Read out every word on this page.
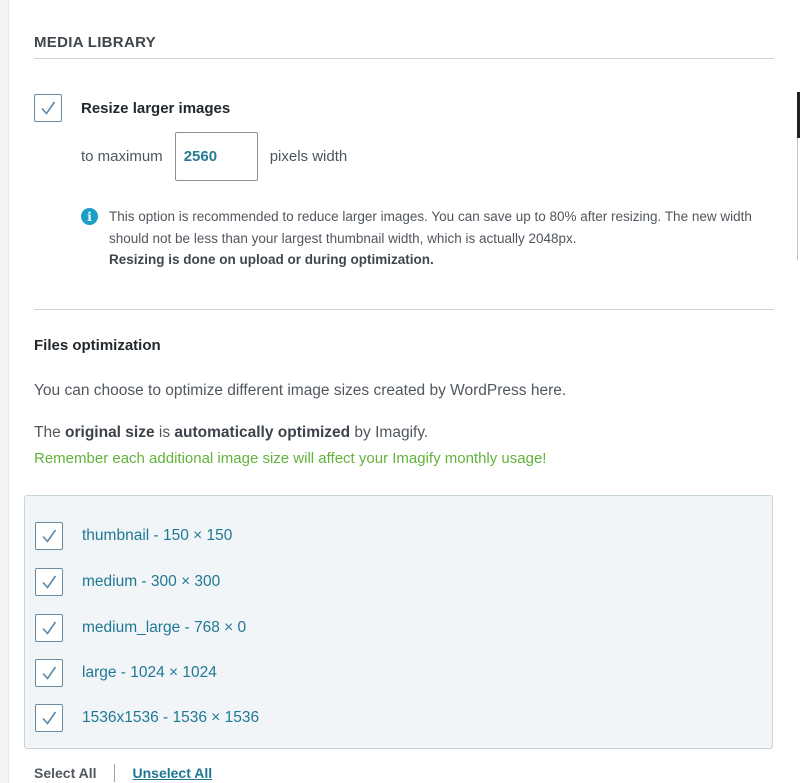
MEDIA LIBRARY
Resize larger images
to maximum
2560	pixels width
i	This option is recommended to reduce larger images. You can save up to 80% after resizing. The new width should not be less than your largest thumbnail width, which is actually 2048px.
Resizing is done on upload or during optimization.
Files optimization
You can choose to optimize different image sizes created by WordPress here.
The original size is automatically optimized by Imagify.
Remember each additional image size will affect your Imagify monthly usage!
thumbnail - 150 × 150
medium - 300 × 300
medium_large - 768 × 0
large - 1024 × 1024
1536x1536 - 1536 × 1536
Select All	Unselect All
